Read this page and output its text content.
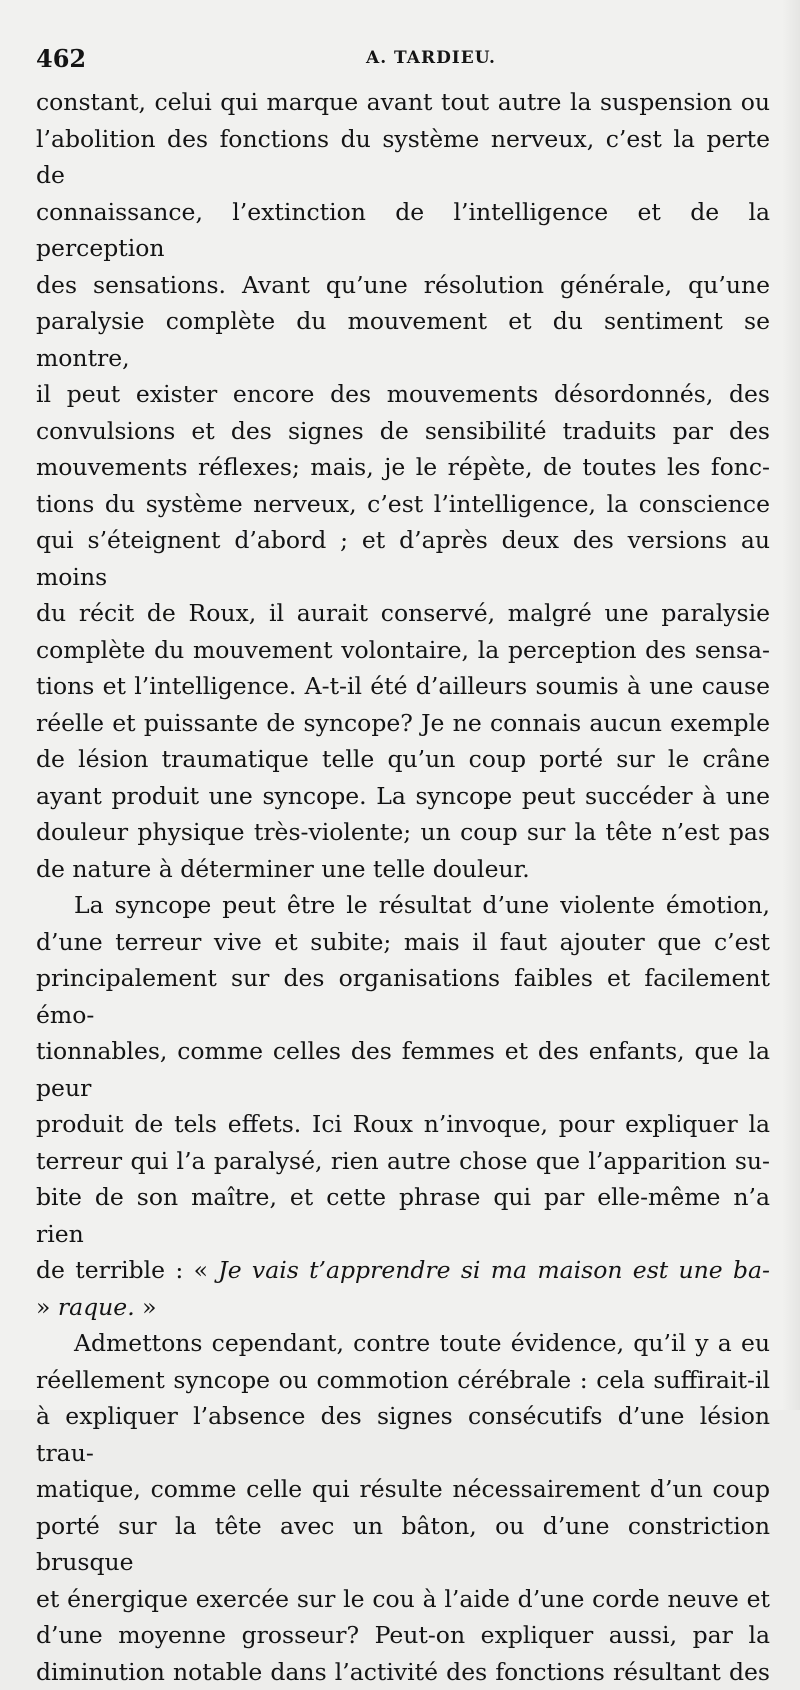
462	A. TARDIEU.

constant, celui qui marque avant tout autre la suspension ou

l’abolition des fonctions du système nerveux, c’est la perte de

connaissance, l’extinction de l’intelligence et de la perception

des sensations. Avant qu’une résolution générale, qu’une

paralysie complète du mouvement et du sentiment se montre,

il peut exister encore des mouvements désordonnés, des

convulsions et des signes de sensibilité traduits par des

mouvements réflexes; mais, je le répète, de toutes les fonc-

tions du système nerveux, c’est l’intelligence, la conscience

qui s’éteignent d’abord ; et d’après deux des versions au moins

du récit de Roux, il aurait conservé, malgré une paralysie

complète du mouvement volontaire, la perception des sensa-

tions et l’intelligence. A-t-il été d’ailleurs soumis à une cause

réelle et puissante de syncope? Je ne connais aucun exemple

de lésion traumatique telle qu’un coup porté sur le crâne

ayant produit une syncope. La syncope peut succéder à une

douleur physique très-violente; un coup sur la tête n’est pas

de nature à déterminer une telle douleur.

La syncope peut être le résultat d’une violente émotion,

d’une terreur vive et subite; mais il faut ajouter que c’est

principalement sur des organisations faibles et facilement émo-

tionnables, comme celles des femmes et des enfants, que la peur

produit de tels effets. Ici Roux n’invoque, pour expliquer la

terreur qui l’a paralysé, rien autre chose que l’apparition su-

bite de son maître, et cette phrase qui par elle-même n’a rien

de terrible : « Je vais t’apprendre si ma maison est une ba-

» raque. »

Admettons cependant, contre toute évidence, qu’il y a eu

réellement syncope ou commotion cérébrale : cela suffirait-il

à expliquer l’absence des signes consécutifs d’une lésion trau-

matique, comme celle qui résulte nécessairement d’un coup

porté sur la tête avec un bâton, ou d’une constriction brusque

et énergique exercée sur le cou à l’aide d’une corde neuve et

d’une moyenne grosseur? Peut-on expliquer aussi, par la

diminution notable dans l’activité des fonctions résultant des
